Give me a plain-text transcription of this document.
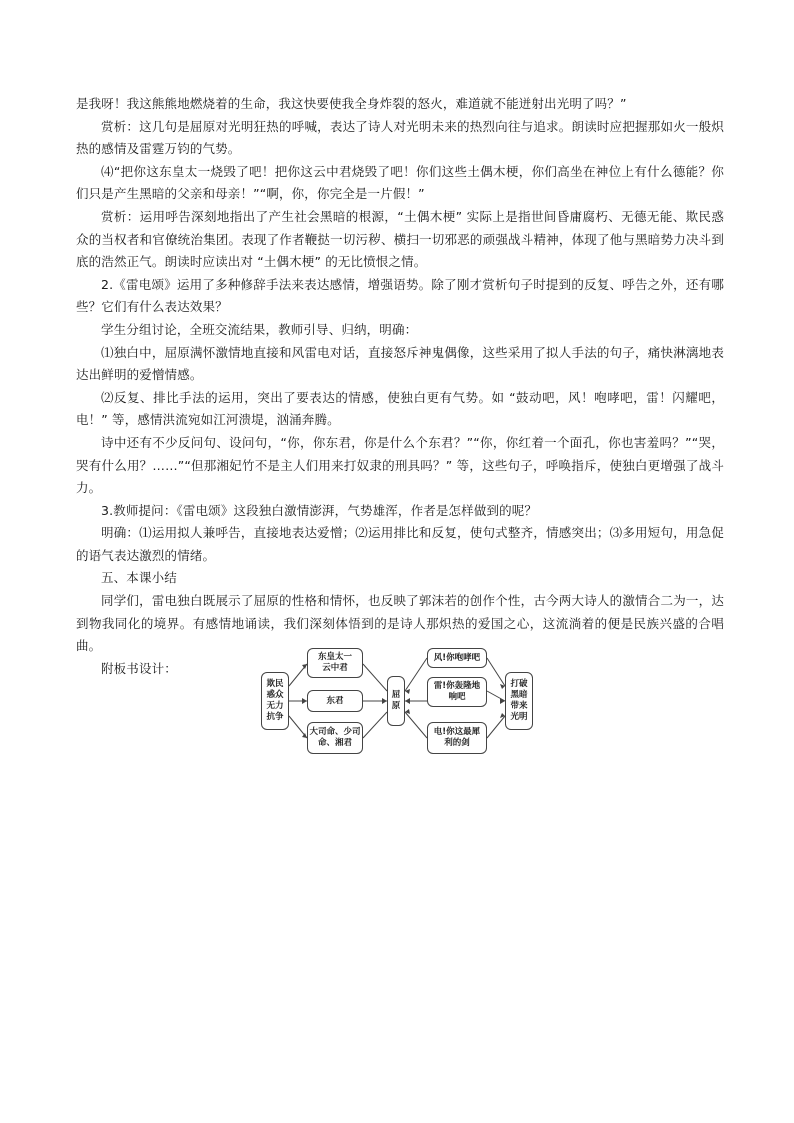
是我呀！我这熊熊地燃烧着的生命，我这快要使我全身炸裂的怒火，难道就不能迸射出光明了吗？”

赏析：这几句是屈原对光明狂热的呼喊，表达了诗人对光明未来的热烈向往与追求。朗读时应把握那如火一般炽热的感情及雷霆万钧的气势。

⑷“把你这东皇太一烧毁了吧！把你这云中君烧毁了吧！你们这些土偶木梗，你们高坐在神位上有什么德能？你们只是产生黑暗的父亲和母亲！”“啊，你，你完全是一片假！”

赏析：运用呼告深刻地指出了产生社会黑暗的根源，“土偶木梗” 实际上是指世间昏庸腐朽、无德无能、欺民惑众的当权者和官僚统治集团。表现了作者鞭挞一切污秽、横扫一切邪恶的顽强战斗精神，体现了他与黑暗势力决斗到底的浩然正气。朗读时应读出对 “土偶木梗” 的无比愤恨之情。

2.《雷电颂》运用了多种修辞手法来表达感情，增强语势。除了刚才赏析句子时提到的反复、呼告之外，还有哪些？它们有什么表达效果？

学生分组讨论，全班交流结果，教师引导、归纳，明确：

⑴独白中，屈原满怀激情地直接和风雷电对话，直接怒斥神鬼偶像，这些采用了拟人手法的句子，痛快淋漓地表达出鲜明的爱憎情感。

⑵反复、排比手法的运用，突出了要表达的情感，使独白更有气势。如 “鼓动吧，风！咆哮吧，雷！闪耀吧，电！” 等，感情洪流宛如江河溃堤，汹涌奔腾。

诗中还有不少反问句、设问句，“你，你东君，你是什么个东君？”“你，你红着一个面孔，你也害羞吗？”“哭，哭有什么用？……”“但那湘妃竹不是主人们用来打奴隶的刑具吗？” 等，这些句子，呼唤指斥，使独白更增强了战斗力。

3.教师提问：《雷电颂》这段独白激情澎湃，气势雄浑，作者是怎样做到的呢？

明确：⑴运用拟人兼呼告，直接地表达爱憎；⑵运用排比和反复，使句式整齐，情感突出；⑶多用短句，用急促的语气表达激烈的情绪。

五、本课小结

同学们，雷电独白既展示了屈原的性格和情怀，也反映了郭沫若的创作个性，古今两大诗人的激情合二为一，达到物我同化的境界。有感情地诵读，我们深刻体悟到的是诗人那炽热的爱国之心，这流淌着的便是民族兴盛的合唱曲。

附板书设计：

欺民惑众无力抗争
东皇太一云中君
东君
大司命、少司命、湘君
屈原
风!你咆哮吧
雷!你轰隆地响吧
电!你这最犀利的剑
打破黑暗带来光明
